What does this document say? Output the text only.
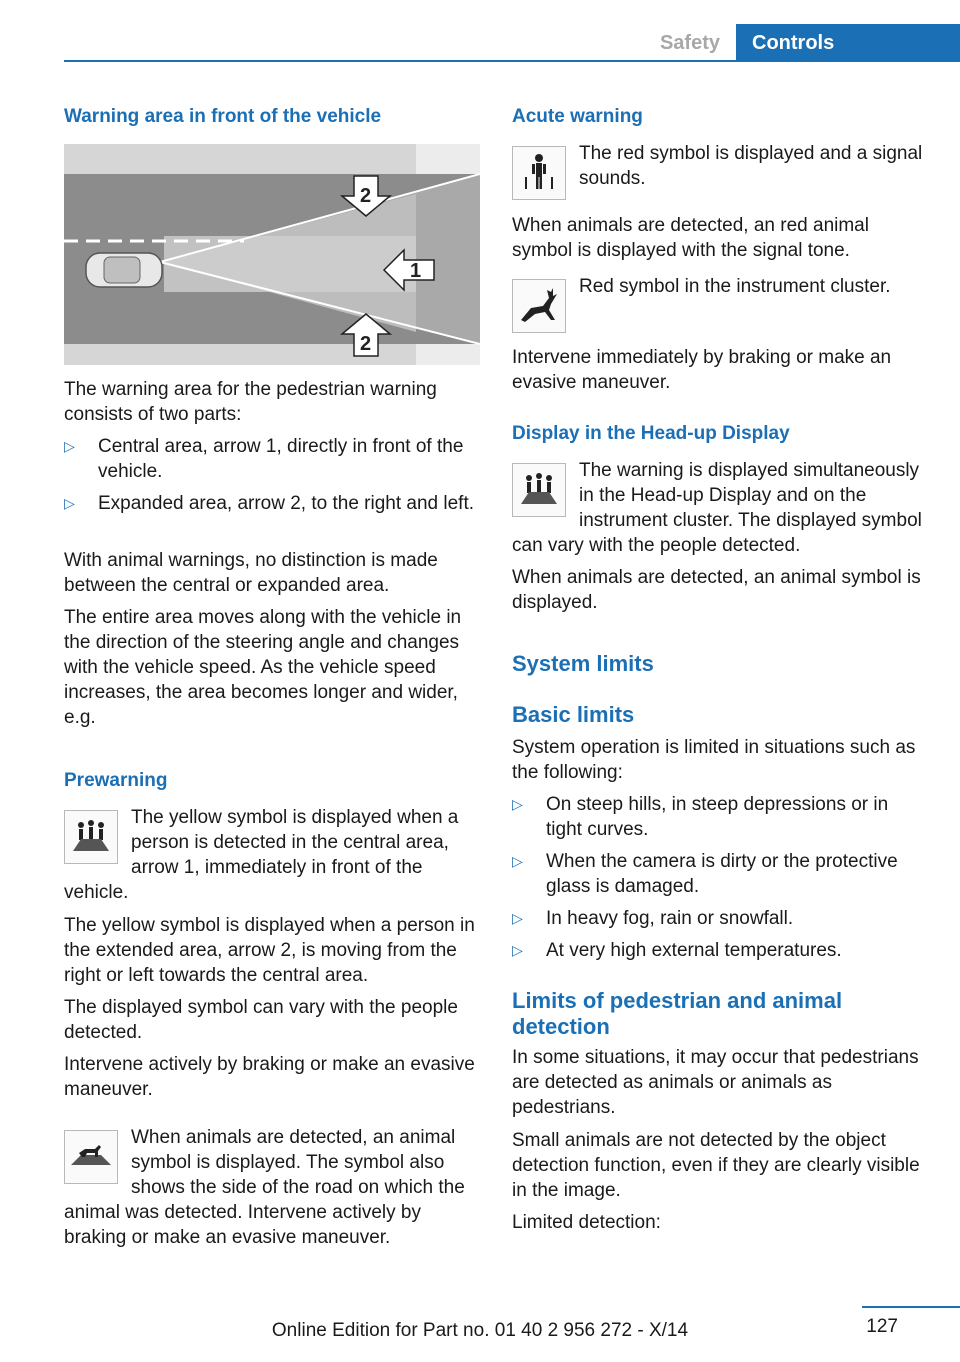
Safety	Controls
Warning area in front of the vehicle
1
2
2

The warning area for the pedestrian warning consists of two parts:

▷ Central area, arrow 1, directly in front of the vehicle.
▷ Expanded area, arrow 2, to the right and left.

With animal warnings, no distinction is made between the central or expanded area.

The entire area moves along with the vehicle in the direction of the steering angle and changes with the vehicle speed. As the vehicle speed increases, the area becomes longer and wider, e.g.

Prewarning

The yellow symbol is displayed when a person is detected in the central area, arrow 1, immediately in front of the vehicle.

The yellow symbol is displayed when a person in the extended area, arrow 2, is moving from the right or left towards the central area.

The displayed symbol can vary with the people detected.

Intervene actively by braking or make an evasive maneuver.

When animals are detected, an animal symbol is displayed. The symbol also shows the side of the road on which the animal was detected. Intervene actively by braking or make an evasive maneuver.

Acute warning

The red symbol is displayed and a signal sounds.

When animals are detected, an red animal symbol is displayed with the signal tone.

Red symbol in the instrument cluster.

Intervene immediately by braking or make an evasive maneuver.

Display in the Head-up Display

The warning is displayed simultaneously in the Head-up Display and on the instrument cluster. The displayed symbol can vary with the people detected.

When animals are detected, an animal symbol is displayed.

System limits
Basic limits

System operation is limited in situations such as the following:

▷ On steep hills, in steep depressions or in tight curves.
▷ When the camera is dirty or the protective glass is damaged.
▷ In heavy fog, rain or snowfall.
▷ At very high external temperatures.
Limits of pedestrian and animal detection

In some situations, it may occur that pedestrians are detected as animals or animals as pedestrians.

Small animals are not detected by the object detection function, even if they are clearly visible in the image.

Limited detection:

127
Online Edition for Part no. 01 40 2 956 272 - X/14
